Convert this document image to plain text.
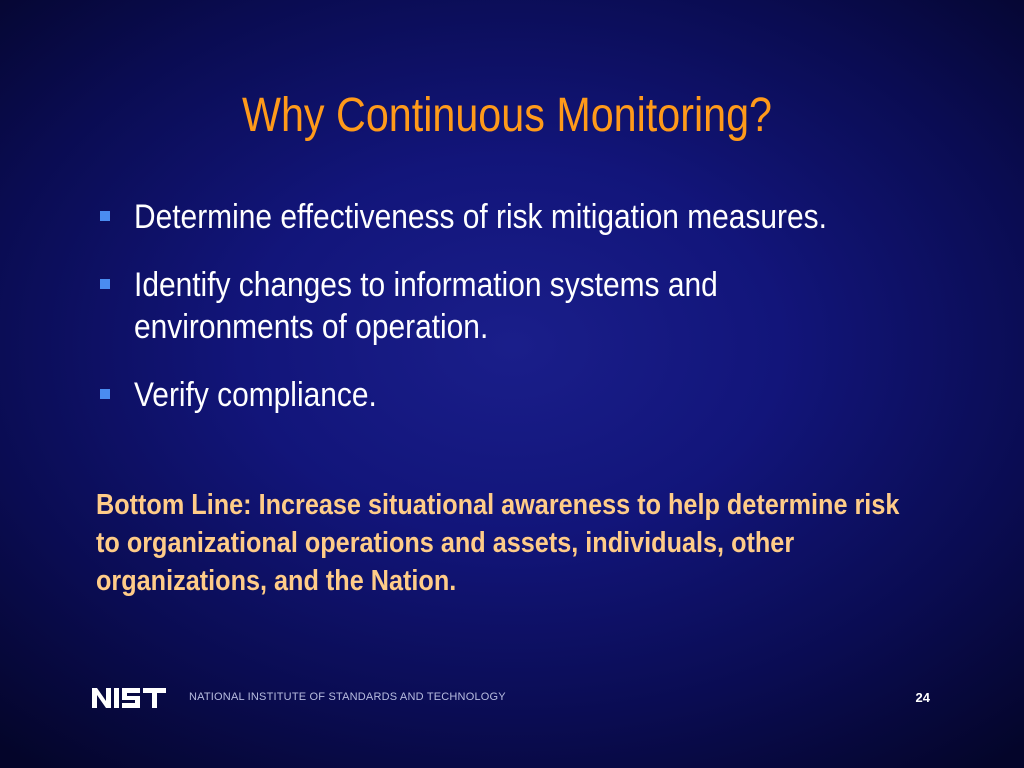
Why Continuous Monitoring?
Determine effectiveness of risk mitigation measures.
Identify changes to information systems and environments of operation.
Verify compliance.
Bottom Line: Increase situational awareness to help determine risk to organizational operations and assets, individuals, other organizations, and the Nation.
NATIONAL INSTITUTE OF STANDARDS AND TECHNOLOGY	24
